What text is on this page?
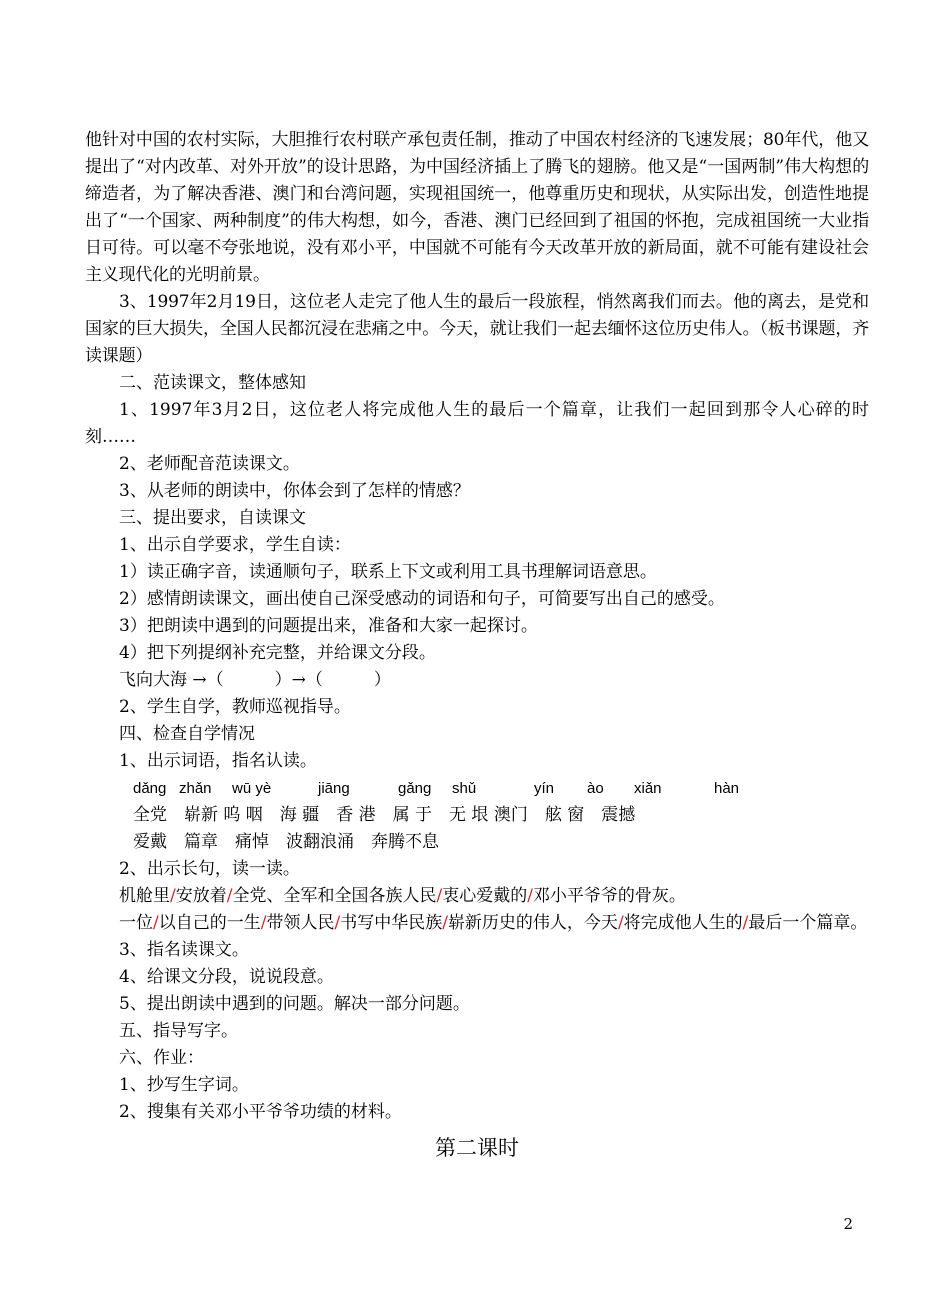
他针对中国的农村实际，大胆推行农村联产承包责任制，推动了中国农村经济的飞速发展；80年代，他又提出了“对内改革、对外开放”的设计思路，为中国经济插上了腾飞的翅膀。他又是“一国两制”伟大构想的缔造者，为了解决香港、澳门和台湾问题，实现祖国统一，他尊重历史和现状，从实际出发，创造性地提出了“一个国家、两种制度”的伟大构想，如今，香港、澳门已经回到了祖国的怀抱，完成祖国统一大业指日可待。可以毫不夸张地说，没有邓小平，中国就不可能有今天改革开放的新局面，就不可能有建设社会主义现代化的光明前景。

3、1997年2月19日，这位老人走完了他人生的最后一段旅程，悄然离我们而去。他的离去，是党和国家的巨大损失，全国人民都沉浸在悲痛之中。今天，就让我们一起去缅怀这位历史伟人。（板书课题，齐读课题）

二、范读课文，整体感知

1、1997年3月2日，这位老人将完成他人生的最后一个篇章，让我们一起回到那令人心碎的时刻……

2、老师配音范读课文。

3、从老师的朗读中，你体会到了怎样的情感？

三、提出要求，自读课文

1、出示自学要求，学生自读：

1）读正确字音，读通顺句子，联系上下文或利用工具书理解词语意思。

2）感情朗读课文，画出使自己深受感动的词语和句子，可简要写出自己的感受。

3）把朗读中遇到的问题提出来，准备和大家一起探讨。

4）把下列提纲补充完整，并给课文分段。

飞向大海 →（　　　）→（　　　）

2、学生自学，教师巡视指导。

四、检查自学情况

1、出示词语，指名认读。

dǎng zhǎn	wū yè	jiāng	gǎng	shǔ	yín	ào	xiǎn	hàn
全党　崭新 呜 咽　海 疆　香 港　属 于　无 垠 澳门　舷 窗　震撼
爱戴　篇章　痛悼　波翻浪涌　奔腾不息

2、出示长句，读一读。

机舱里/安放着/全党、全军和全国各族人民/衷心爱戴的/邓小平爷爷的骨灰。

一位/以自己的一生/带领人民/书写中华民族/崭新历史的伟人，今天/将完成他人生的/最后一个篇章。

3、指名读课文。

4、给课文分段，说说段意。

5、提出朗读中遇到的问题。解决一部分问题。

五、指导写字。

六、作业：

1、抄写生字词。

2、搜集有关邓小平爷爷功绩的材料。

第二课时
2
